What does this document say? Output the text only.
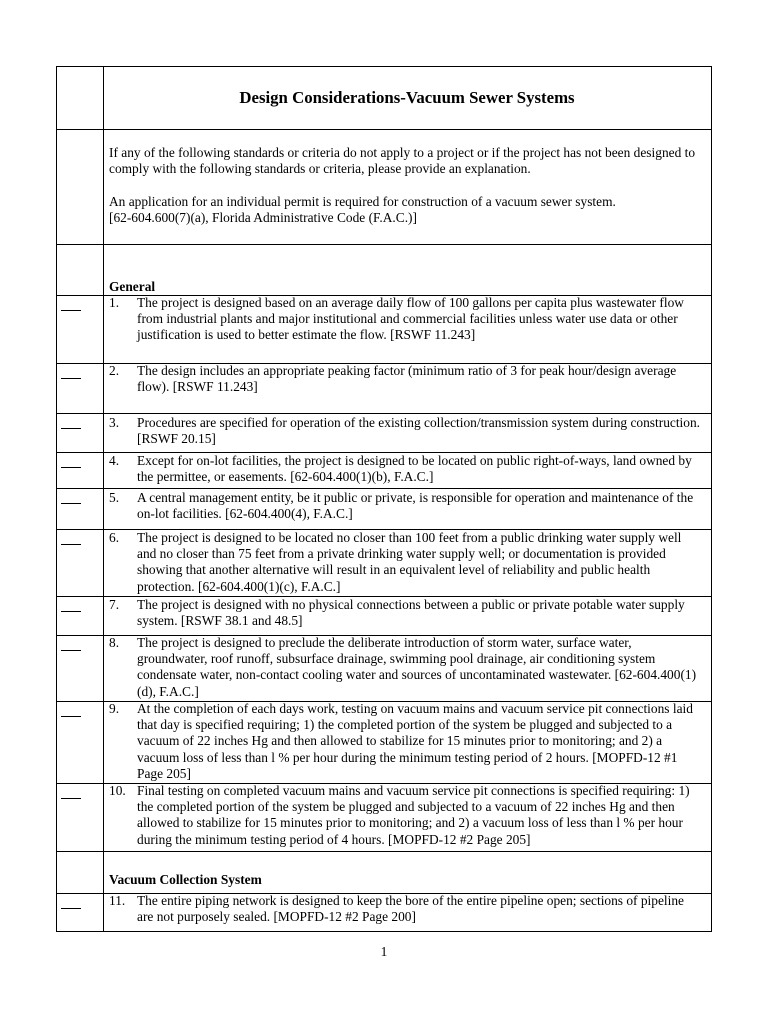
Design Considerations-Vacuum Sewer Systems
If any of the following standards or criteria do not apply to a project or if the project has not been designed to comply with the following standards or criteria, please provide an explanation.
An application for an individual permit is required for construction of a vacuum sewer system.
[62-604.600(7)(a), Florida Administrative Code (F.A.C.)]
General
1.	The project is designed based on an average daily flow of 100 gallons per capita plus wastewater flow from industrial plants and major institutional and commercial facilities unless water use data or other justification is used to better estimate the flow. [RSWF 11.243]
2.	The design includes an appropriate peaking factor (minimum ratio of 3 for peak hour/design average flow). [RSWF 11.243]
3.	Procedures are specified for operation of the existing collection/transmission system during construction. [RSWF 20.15]
4.	Except for on-lot facilities, the project is designed to be located on public right-of-ways, land owned by the permittee, or easements. [62-604.400(1)(b), F.A.C.]
5.	A central management entity, be it public or private, is responsible for operation and maintenance of the on-lot facilities. [62-604.400(4), F.A.C.]
6.	The project is designed to be located no closer than 100 feet from a public drinking water supply well and no closer than 75 feet from a private drinking water supply well; or documentation is provided showing that another alternative will result in an equivalent level of reliability and public health protection. [62-604.400(1)(c), F.A.C.]
7.	The project is designed with no physical connections between a public or private potable water supply system. [RSWF 38.1 and 48.5]
8.	The project is designed to preclude the deliberate introduction of storm water, surface water, groundwater, roof runoff, subsurface drainage, swimming pool drainage, air conditioning system condensate water, non-contact cooling water and sources of uncontaminated wastewater. [62-604.400(1)(d), F.A.C.]
9.	At the completion of each days work, testing on vacuum mains and vacuum service pit connections laid that day is specified requiring; 1) the completed portion of the system be plugged and subjected to a vacuum of 22 inches Hg and then allowed to stabilize for 15 minutes prior to monitoring; and 2) a vacuum loss of less than l % per hour during the minimum testing period of 2 hours. [MOPFD-12 #1 Page 205]
10. Final testing on completed vacuum mains and vacuum service pit connections is specified requiring: 1) the completed portion of the system be plugged and subjected to a vacuum of 22 inches Hg and then allowed to stabilize for 15 minutes prior to monitoring; and 2) a vacuum loss of less than l % per hour during the minimum testing period of 4 hours. [MOPFD-12 #2 Page 205]
Vacuum Collection System
11. The entire piping network is designed to keep the bore of the entire pipeline open; sections of pipeline are not purposely sealed. [MOPFD-12 #2 Page 200]
1
